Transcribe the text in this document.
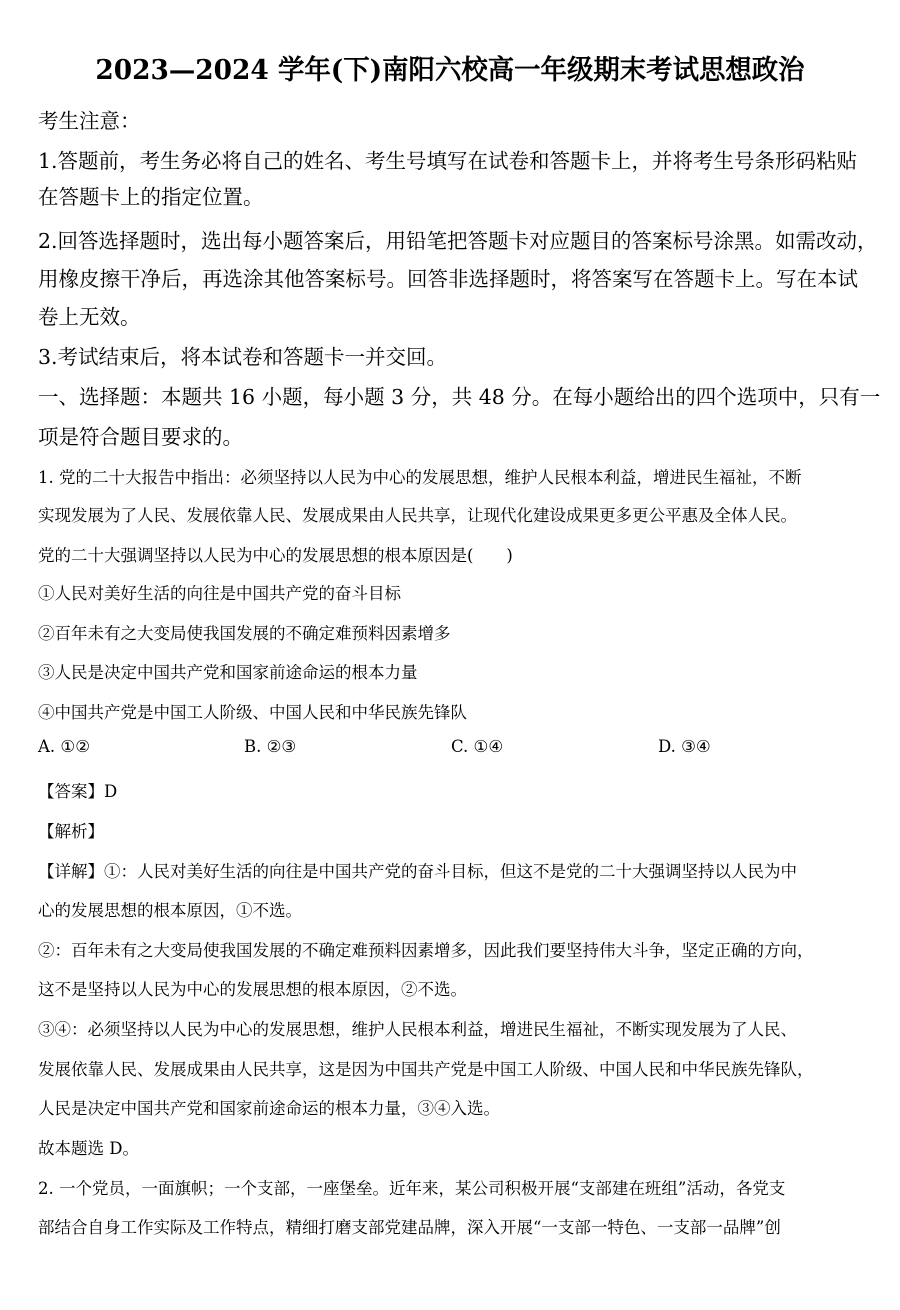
2023—2024 学年(下)南阳六校高一年级期末考试思想政治
考生注意：
1.答题前，考生务必将自己的姓名、考生号填写在试卷和答题卡上，并将考生号条形码粘贴
在答题卡上的指定位置。
2.回答选择题时，选出每小题答案后，用铅笔把答题卡对应题目的答案标号涂黑。如需改动，
用橡皮擦干净后，再选涂其他答案标号。回答非选择题时，将答案写在答题卡上。写在本试
卷上无效。
3.考试结束后，将本试卷和答题卡一并交回。
一、选择题：本题共 16 小题，每小题 3 分，共 48 分。在每小题给出的四个选项中，只有一
项是符合题目要求的。
1. 党的二十大报告中指出：必须坚持以人民为中心的发展思想，维护人民根本利益，增进民生福祉，不断
实现发展为了人民、发展依靠人民、发展成果由人民共享，让现代化建设成果更多更公平惠及全体人民。
党的二十大强调坚持以人民为中心的发展思想的根本原因是(　　)
①人民对美好生活的向往是中国共产党的奋斗目标
②百年未有之大变局使我国发展的不确定难预料因素增多
③人民是决定中国共产党和国家前途命运的根本力量
④中国共产党是中国工人阶级、中国人民和中华民族先锋队
A. ①②	B. ②③	C. ①④	D. ③④
【答案】D
【解析】
【详解】①：人民对美好生活的向往是中国共产党的奋斗目标，但这不是党的二十大强调坚持以人民为中
心的发展思想的根本原因，①不选。
②：百年未有之大变局使我国发展的不确定难预料因素增多，因此我们要坚持伟大斗争，坚定正确的方向，
这不是坚持以人民为中心的发展思想的根本原因，②不选。
③④：必须坚持以人民为中心的发展思想，维护人民根本利益，增进民生福祉，不断实现发展为了人民、
发展依靠人民、发展成果由人民共享，这是因为中国共产党是中国工人阶级、中国人民和中华民族先锋队，
人民是决定中国共产党和国家前途命运的根本力量，③④入选。
故本题选 D。
2. 一个党员，一面旗帜；一个支部，一座堡垒。近年来，某公司积极开展“支部建在班组”活动，各党支
部结合自身工作实际及工作特点，精细打磨支部党建品牌，深入开展“一支部一特色、一支部一品牌”创
